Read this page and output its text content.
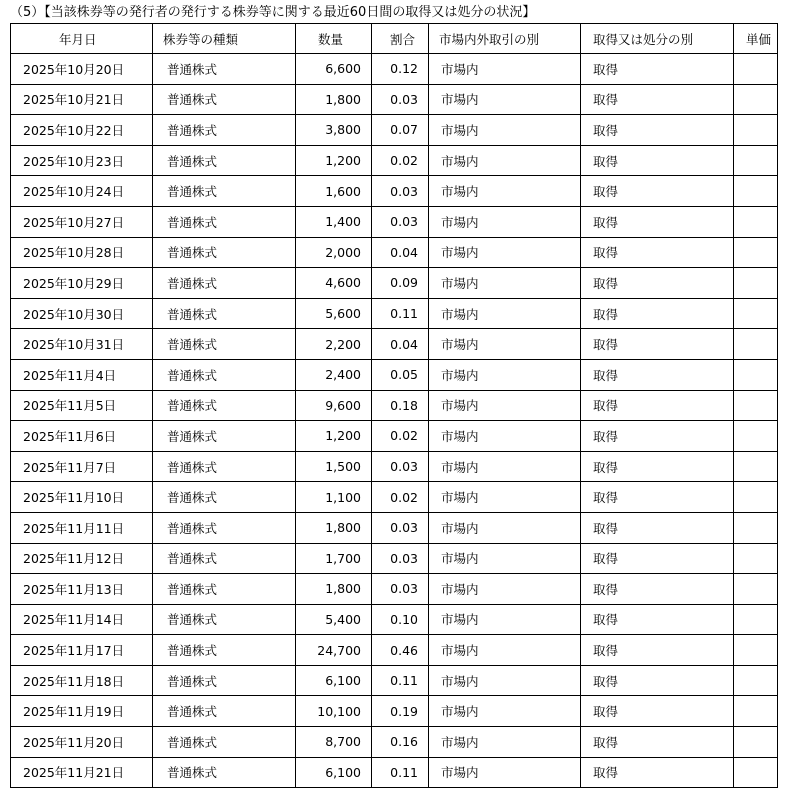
（5）【当該株券等の発行者の発行する株券等に関する最近60日間の取得又は処分の状況】
年月日	株券等の種類	数量	割合	市場内外取引の別	取得又は処分の別	単価
2025年10月20日	普通株式	6,600	0.12	市場内	取得	
2025年10月21日	普通株式	1,800	0.03	市場内	取得	
2025年10月22日	普通株式	3,800	0.07	市場内	取得	
2025年10月23日	普通株式	1,200	0.02	市場内	取得	
2025年10月24日	普通株式	1,600	0.03	市場内	取得	
2025年10月27日	普通株式	1,400	0.03	市場内	取得	
2025年10月28日	普通株式	2,000	0.04	市場内	取得	
2025年10月29日	普通株式	4,600	0.09	市場内	取得	
2025年10月30日	普通株式	5,600	0.11	市場内	取得	
2025年10月31日	普通株式	2,200	0.04	市場内	取得	
2025年11月4日	普通株式	2,400	0.05	市場内	取得	
2025年11月5日	普通株式	9,600	0.18	市場内	取得	
2025年11月6日	普通株式	1,200	0.02	市場内	取得	
2025年11月7日	普通株式	1,500	0.03	市場内	取得	
2025年11月10日	普通株式	1,100	0.02	市場内	取得	
2025年11月11日	普通株式	1,800	0.03	市場内	取得	
2025年11月12日	普通株式	1,700	0.03	市場内	取得	
2025年11月13日	普通株式	1,800	0.03	市場内	取得	
2025年11月14日	普通株式	5,400	0.10	市場内	取得	
2025年11月17日	普通株式	24,700	0.46	市場内	取得	
2025年11月18日	普通株式	6,100	0.11	市場内	取得	
2025年11月19日	普通株式	10,100	0.19	市場内	取得	
2025年11月20日	普通株式	8,700	0.16	市場内	取得	
2025年11月21日	普通株式	6,100	0.11	市場内	取得	
